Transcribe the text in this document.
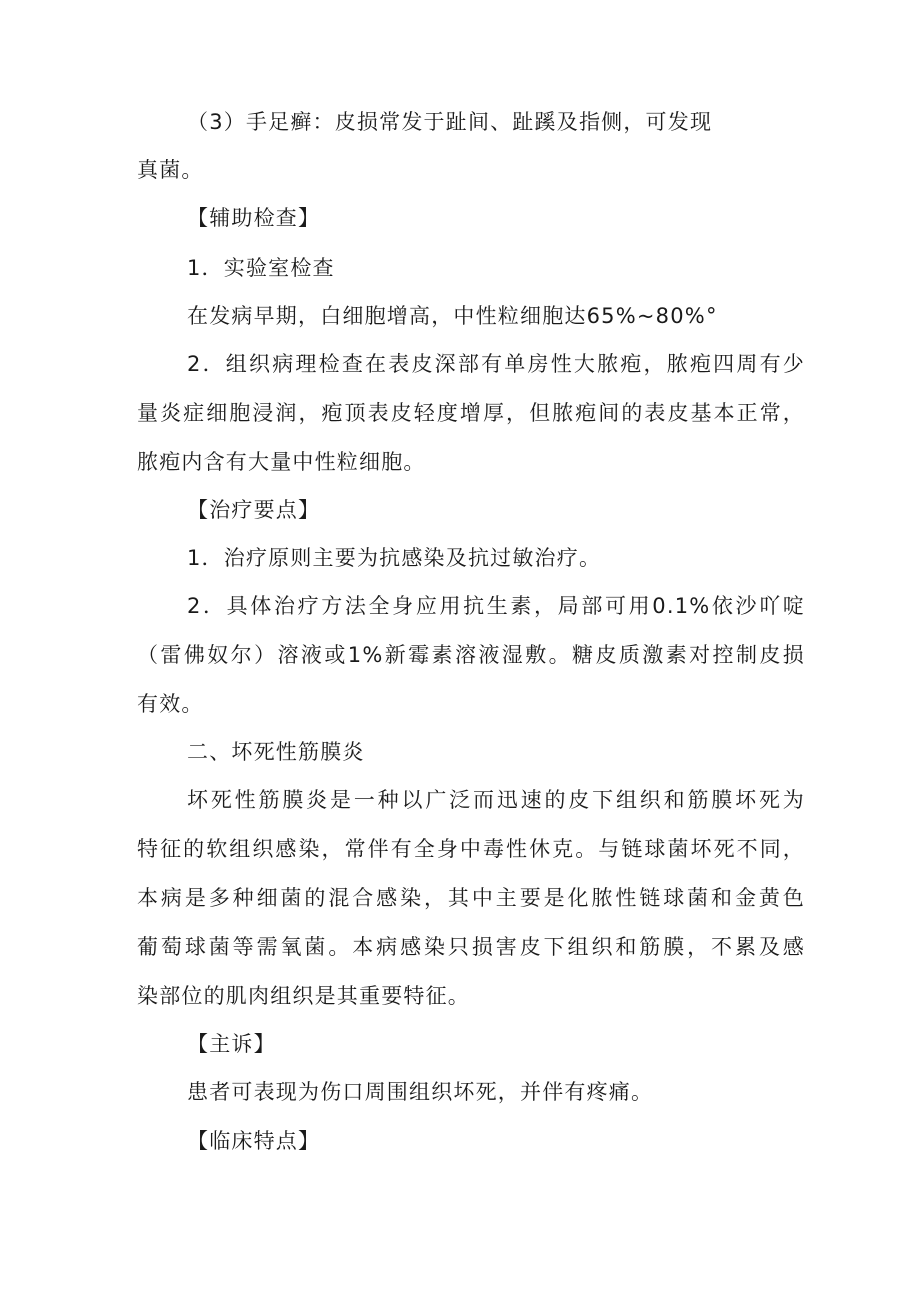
（3）手足癣：皮损常发于趾间、趾蹊及指侧，可发现
真菌。
【辅助检查】
1．实验室检查
在发病早期，白细胞增高，中性粒细胞达65%~80%°
2．组织病理检查在表皮深部有单房性大脓疱，脓疱四周有少
量炎症细胞浸润，疱顶表皮轻度增厚，但脓疱间的表皮基本正常，
脓疱内含有大量中性粒细胞。
【治疗要点】
1．治疗原则主要为抗感染及抗过敏治疗。
2．具体治疗方法全身应用抗生素，局部可用0.1%依沙吖啶
（雷佛奴尔）溶液或1%新霉素溶液湿敷。糖皮质激素对控制皮损
有效。
二、坏死性筋膜炎
坏死性筋膜炎是一种以广泛而迅速的皮下组织和筋膜坏死为
特征的软组织感染，常伴有全身中毒性休克。与链球菌坏死不同，
本病是多种细菌的混合感染，其中主要是化脓性链球菌和金黄色
葡萄球菌等需氧菌。本病感染只损害皮下组织和筋膜，不累及感
染部位的肌肉组织是其重要特征。
【主诉】
患者可表现为伤口周围组织坏死，并伴有疼痛。
【临床特点】
